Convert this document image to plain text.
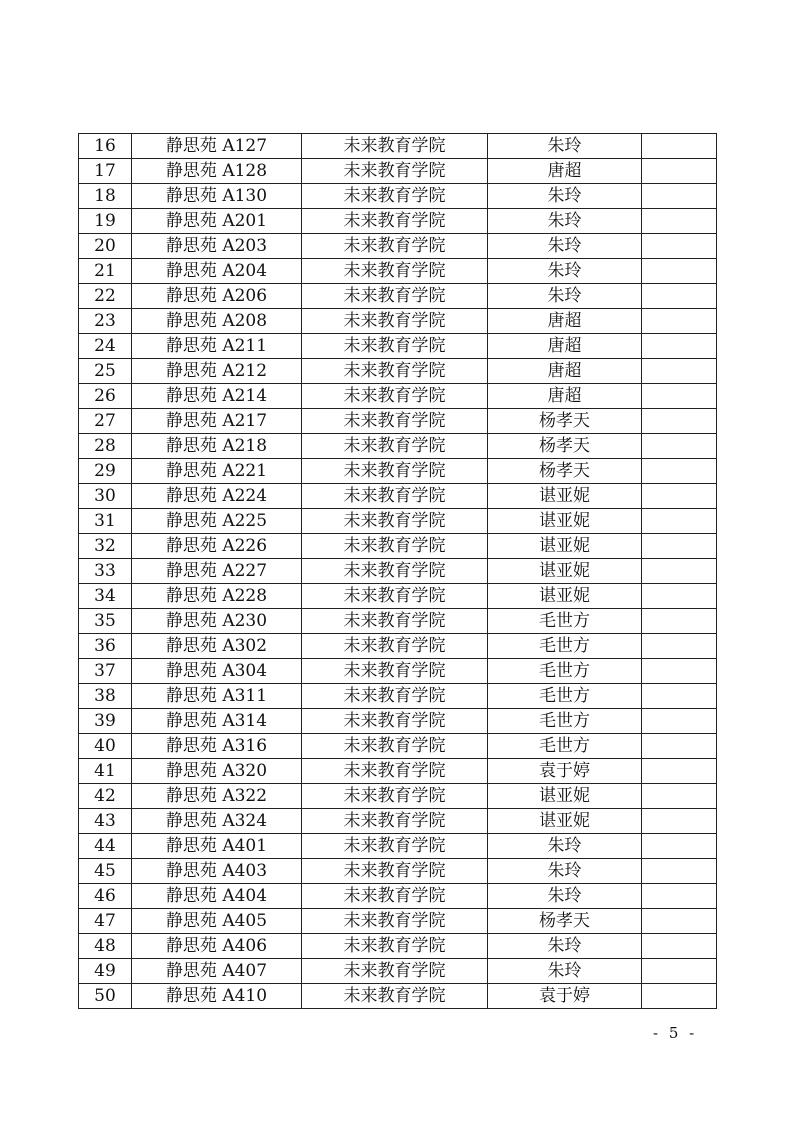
16	静思苑 A127	未来教育学院	朱玲	
17	静思苑 A128	未来教育学院	唐超	
18	静思苑 A130	未来教育学院	朱玲	
19	静思苑 A201	未来教育学院	朱玲	
20	静思苑 A203	未来教育学院	朱玲	
21	静思苑 A204	未来教育学院	朱玲	
22	静思苑 A206	未来教育学院	朱玲	
23	静思苑 A208	未来教育学院	唐超	
24	静思苑 A211	未来教育学院	唐超	
25	静思苑 A212	未来教育学院	唐超	
26	静思苑 A214	未来教育学院	唐超	
27	静思苑 A217	未来教育学院	杨孝天	
28	静思苑 A218	未来教育学院	杨孝天	
29	静思苑 A221	未来教育学院	杨孝天	
30	静思苑 A224	未来教育学院	谌亚妮	
31	静思苑 A225	未来教育学院	谌亚妮	
32	静思苑 A226	未来教育学院	谌亚妮	
33	静思苑 A227	未来教育学院	谌亚妮	
34	静思苑 A228	未来教育学院	谌亚妮	
35	静思苑 A230	未来教育学院	毛世方	
36	静思苑 A302	未来教育学院	毛世方	
37	静思苑 A304	未来教育学院	毛世方	
38	静思苑 A311	未来教育学院	毛世方	
39	静思苑 A314	未来教育学院	毛世方	
40	静思苑 A316	未来教育学院	毛世方	
41	静思苑 A320	未来教育学院	袁于婷	
42	静思苑 A322	未来教育学院	谌亚妮	
43	静思苑 A324	未来教育学院	谌亚妮	
44	静思苑 A401	未来教育学院	朱玲	
45	静思苑 A403	未来教育学院	朱玲	
46	静思苑 A404	未来教育学院	朱玲	
47	静思苑 A405	未来教育学院	杨孝天	
48	静思苑 A406	未来教育学院	朱玲	
49	静思苑 A407	未来教育学院	朱玲	
50	静思苑 A410	未来教育学院	袁于婷	
- 5 -
